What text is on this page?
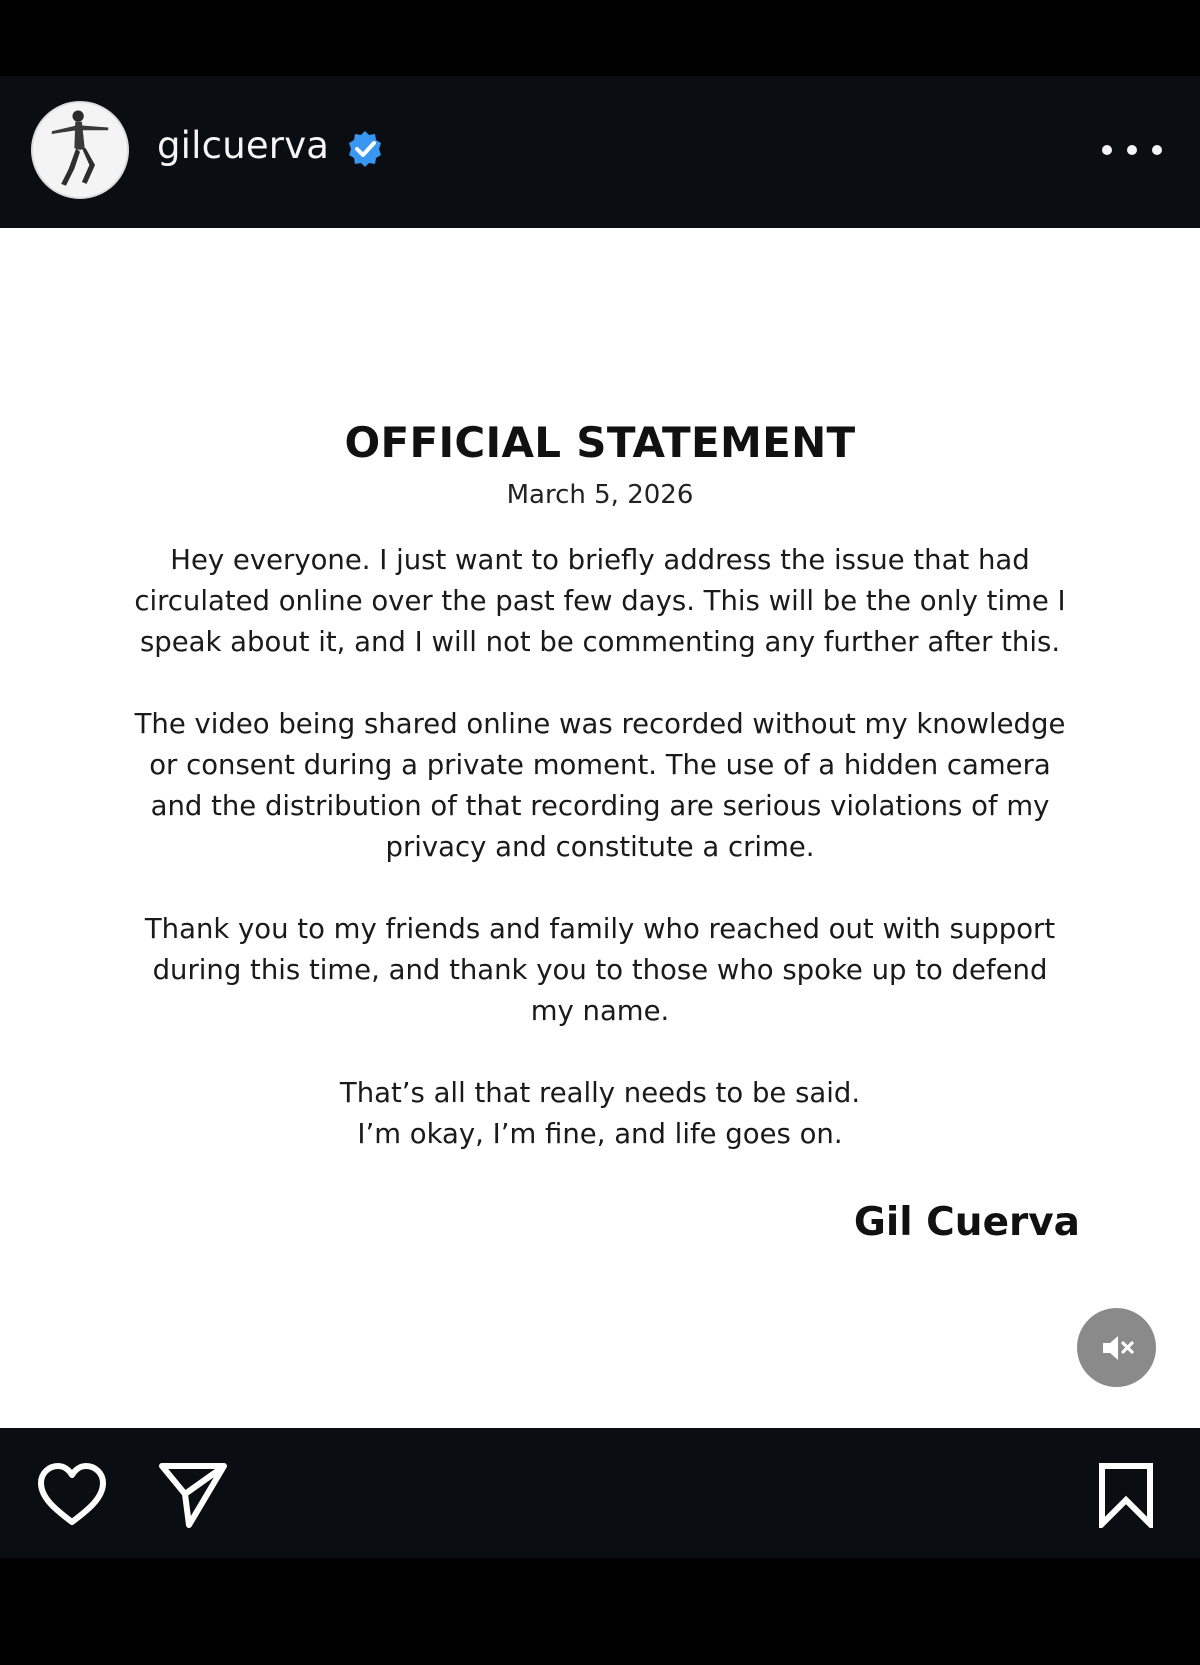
gilcuerva
OFFICIAL STATEMENT
March 5, 2026
Hey everyone. I just want to briefly address the issue that had
circulated online over the past few days. This will be the only time I
speak about it, and I will not be commenting any further after this.
The video being shared online was recorded without my knowledge
or consent during a private moment. The use of a hidden camera
and the distribution of that recording are serious violations of my
privacy and constitute a crime.
Thank you to my friends and family who reached out with support
during this time, and thank you to those who spoke up to defend
my name.
That’s all that really needs to be said.
I’m okay, I’m fine, and life goes on.
Gil Cuerva
